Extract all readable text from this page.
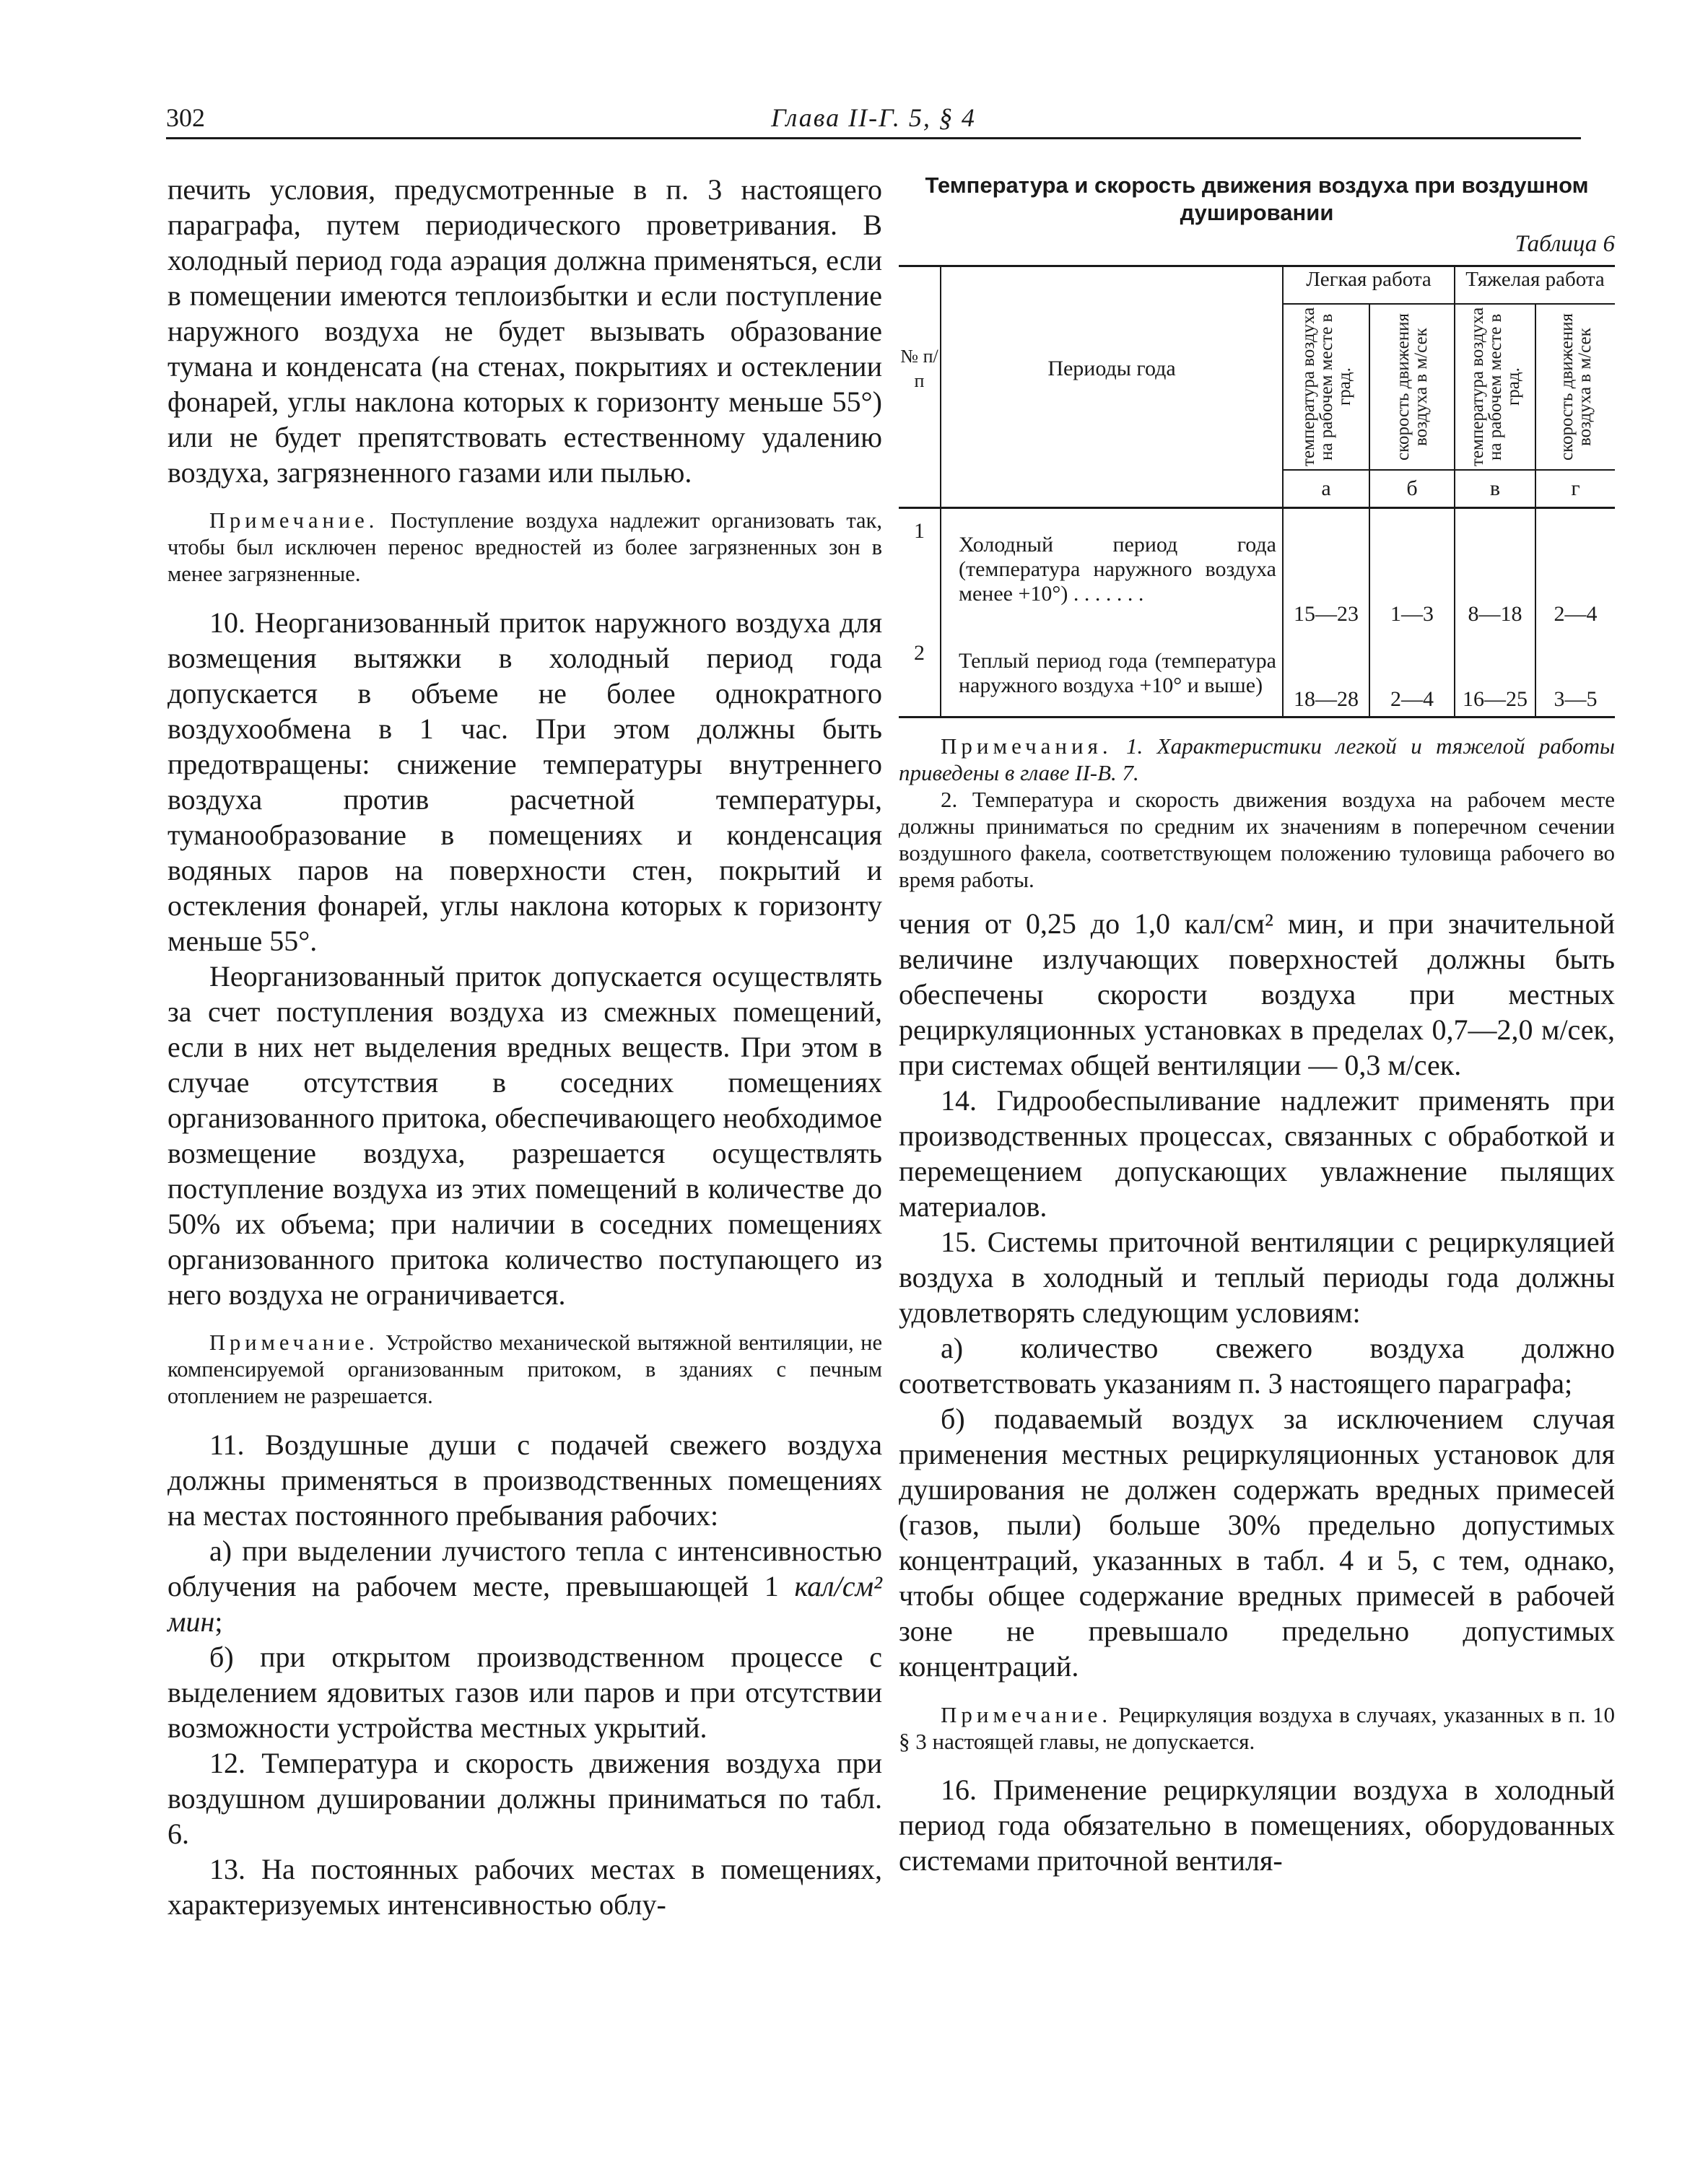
302	Глава II-Г. 5, § 4

печить условия, предусмотренные в п. 3 настоящего параграфа, путем периодического проветривания. В холодный период года аэрация должна применяться, если в помещении имеются теплоизбытки и если поступление наружного воздуха не будет вызывать образование тумана и конденсата (на стенах, покрытиях и остеклении фонарей, углы наклона которых к горизонту меньше 55°) или не будет препятствовать естественному удалению воздуха, загрязненного газами или пылью.

Примечание. Поступление воздуха надлежит организовать так, чтобы был исключен перенос вредностей из более загрязненных зон в менее загрязненные.

10. Неорганизованный приток наружного воздуха для возмещения вытяжки в холодный период года допускается в объеме не более однократного воздухообмена в 1 час. При этом должны быть предотвращены: снижение температуры внутреннего воздуха против расчетной температуры, туманообразование в помещениях и конденсация водяных паров на поверхности стен, покрытий и остекления фонарей, углы наклона которых к горизонту меньше 55°.

Неорганизованный приток допускается осуществлять за счет поступления воздуха из смежных помещений, если в них нет выделения вредных веществ. При этом в случае отсутствия в соседних помещениях организованного притока, обеспечивающего необходимое возмещение воздуха, разрешается осуществлять поступление воздуха из этих помещений в количестве до 50% их объема; при наличии в соседних помещениях организованного притока количество поступающего из него воздуха не ограничивается.

Примечание. Устройство механической вытяжной вентиляции, не компенсируемой организованным притоком, в зданиях с печным отоплением не разрешается.

11. Воздушные души с подачей свежего воздуха должны применяться в производственных помещениях на местах постоянного пребывания рабочих:

а) при выделении лучистого тепла с интенсивностью облучения на рабочем месте, превышающей 1 кал/см² мин;

б) при открытом производственном процессе с выделением ядовитых газов или паров и при отсутствии возможности устройства местных укрытий.

12. Температура и скорость движения воздуха при воздушном душировании должны приниматься по табл. 6.

13. На постоянных рабочих местах в помещениях, характеризуемых интенсивностью облу-

Температура и скорость движения воздуха при воздушном душировании

Таблица 6

№ п/п	Периоды года	Легкая работа		Тяжелая работа	

		температура воздуха на рабочем месте в град.	скорость движения воздуха в м/сек	температура воздуха на рабочем месте в град.	скорость движения воздуха в м/сек

		а	б	в	г
1	Холодный период года (температура наружного воздуха менее +10°) . . . . . . .	15—23	1—3	8—18	2—4
2	Теплый период года (температура наружного воздуха +10° и выше)	18—28	2—4	16—25	3—5

Примечания. 1. Характеристики легкой и тяжелой работы приведены в главе II-В. 7.

2. Температура и скорость движения воздуха на рабочем месте должны приниматься по средним их значениям в поперечном сечении воздушного факела, соответствующем положению туловища рабочего во время работы.

чения от 0,25 до 1,0 кал/см² мин, и при значительной величине излучающих поверхностей должны быть обеспечены скорости воздуха при местных рециркуляционных установках в пределах 0,7—2,0 м/сек, при системах общей вентиляции — 0,3 м/сек.

14. Гидрообеспыливание надлежит применять при производственных процессах, связанных с обработкой и перемещением допускающих увлажнение пылящих материалов.

15. Системы приточной вентиляции с рециркуляцией воздуха в холодный и теплый периоды года должны удовлетворять следующим условиям:

а) количество свежего воздуха должно соответствовать указаниям п. 3 настоящего параграфа;

б) подаваемый воздух за исключением случая применения местных рециркуляционных установок для душирования не должен содержать вредных примесей (газов, пыли) больше 30% предельно допустимых концентраций, указанных в табл. 4 и 5, с тем, однако, чтобы общее содержание вредных примесей в рабочей зоне не превышало предельно допустимых концентраций.

Примечание. Рециркуляция воздуха в случаях, указанных в п. 10 § 3 настоящей главы, не допускается.

16. Применение рециркуляции воздуха в холодный период года обязательно в помещениях, оборудованных системами приточной вентиля-
